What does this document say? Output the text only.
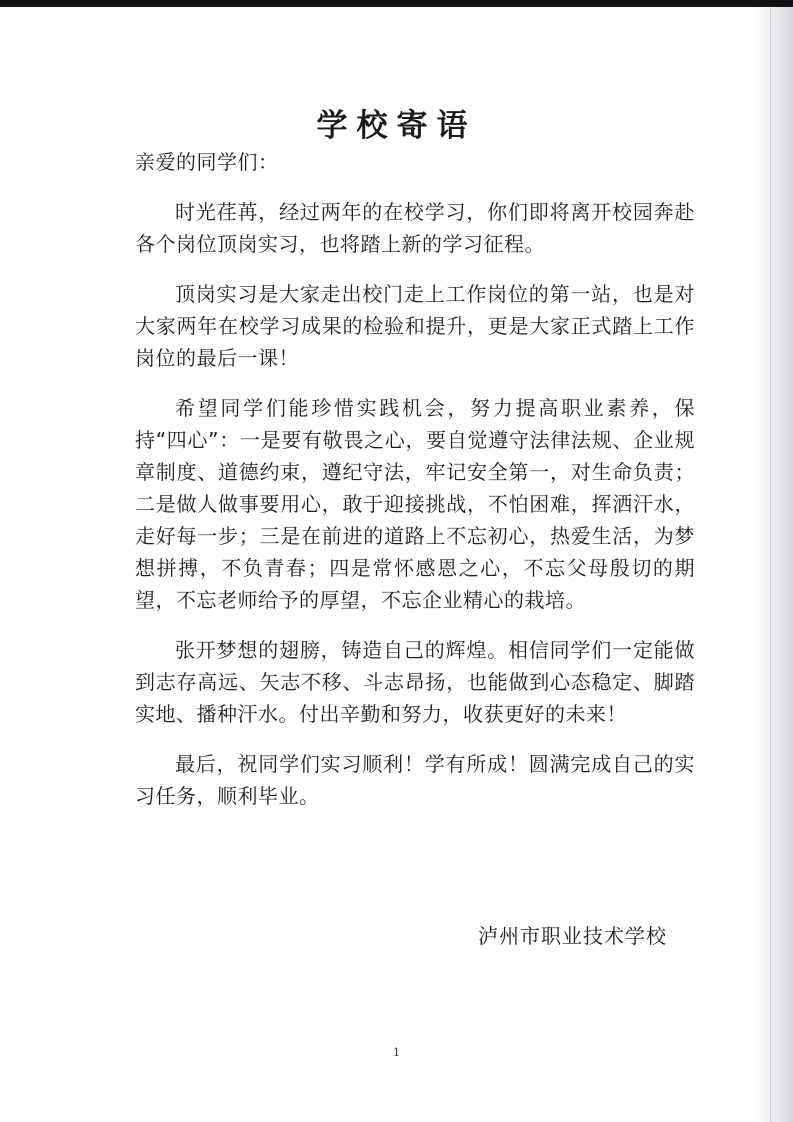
学校寄语
亲爱的同学们：

时光荏苒，经过两年的在校学习，你们即将离开校园奔赴各个岗位顶岗实习，也将踏上新的学习征程。

顶岗实习是大家走出校门走上工作岗位的第一站，也是对大家两年在校学习成果的检验和提升，更是大家正式踏上工作岗位的最后一课！

希望同学们能珍惜实践机会，努力提高职业素养，保持“四心”：一是要有敬畏之心，要自觉遵守法律法规、企业规章制度、道德约束，遵纪守法，牢记安全第一，对生命负责；二是做人做事要用心，敢于迎接挑战，不怕困难，挥洒汗水，走好每一步；三是在前进的道路上不忘初心，热爱生活，为梦想拼搏，不负青春；四是常怀感恩之心，不忘父母殷切的期望，不忘老师给予的厚望，不忘企业精心的栽培。

张开梦想的翅膀，铸造自己的辉煌。相信同学们一定能做到志存高远、矢志不移、斗志昂扬，也能做到心态稳定、脚踏实地、播种汗水。付出辛勤和努力，收获更好的未来！

最后，祝同学们实习顺利！学有所成！圆满完成自己的实习任务，顺利毕业。

泸州市职业技术学校
1
